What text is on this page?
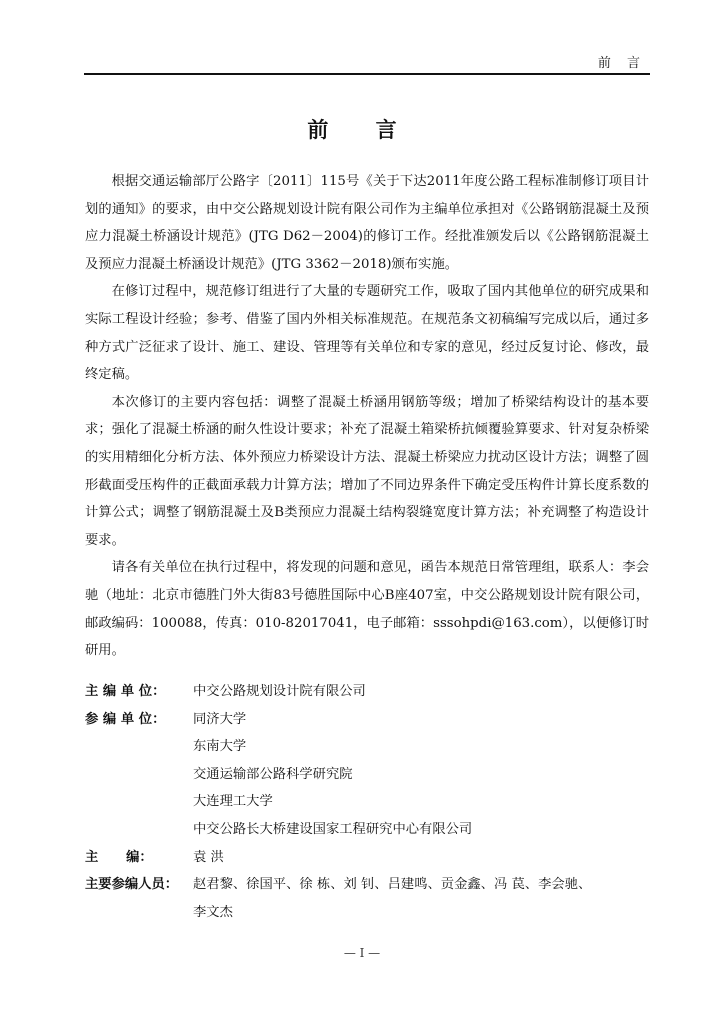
前 言
前 言

根据交通运输部厅公路字〔2011〕115号《关于下达2011年度公路工程标准制修订项目计划的通知》的要求，由中交公路规划设计院有限公司作为主编单位承担对《公路钢筋混凝土及预应力混凝土桥涵设计规范》(JTG D62－2004)的修订工作。经批准颁发后以《公路钢筋混凝土及预应力混凝土桥涵设计规范》(JTG 3362－2018)颁布实施。

在修订过程中，规范修订组进行了大量的专题研究工作，吸取了国内其他单位的研究成果和实际工程设计经验；参考、借鉴了国内外相关标准规范。在规范条文初稿编写完成以后，通过多种方式广泛征求了设计、施工、建设、管理等有关单位和专家的意见，经过反复讨论、修改，最终定稿。

本次修订的主要内容包括：调整了混凝土桥涵用钢筋等级；增加了桥梁结构设计的基本要求；强化了混凝土桥涵的耐久性设计要求；补充了混凝土箱梁桥抗倾覆验算要求、针对复杂桥梁的实用精细化分析方法、体外预应力桥梁设计方法、混凝土桥梁应力扰动区设计方法；调整了圆形截面受压构件的正截面承载力计算方法；增加了不同边界条件下确定受压构件计算长度系数的计算公式；调整了钢筋混凝土及B类预应力混凝土结构裂缝宽度计算方法；补充调整了构造设计要求。

请各有关单位在执行过程中，将发现的问题和意见，函告本规范日常管理组，联系人：李会驰（地址：北京市德胜门外大街83号德胜国际中心B座407室，中交公路规划设计院有限公司，邮政编码：100088，传真：010-82017041，电子邮箱：sssohpdi@163.com），以便修订时研用。

主 编 单 位：	中交公路规划设计院有限公司
参 编 单 位：	同济大学
东南大学
交通运输部公路科学研究院
大连理工大学
中交公路长大桥建设国家工程研究中心有限公司
主      编：	袁 洪
主要参编人员：	赵君黎、徐国平、徐 栋、刘 钊、吕建鸣、贡金鑫、冯 苠、李会驰、
李文杰
— I —
